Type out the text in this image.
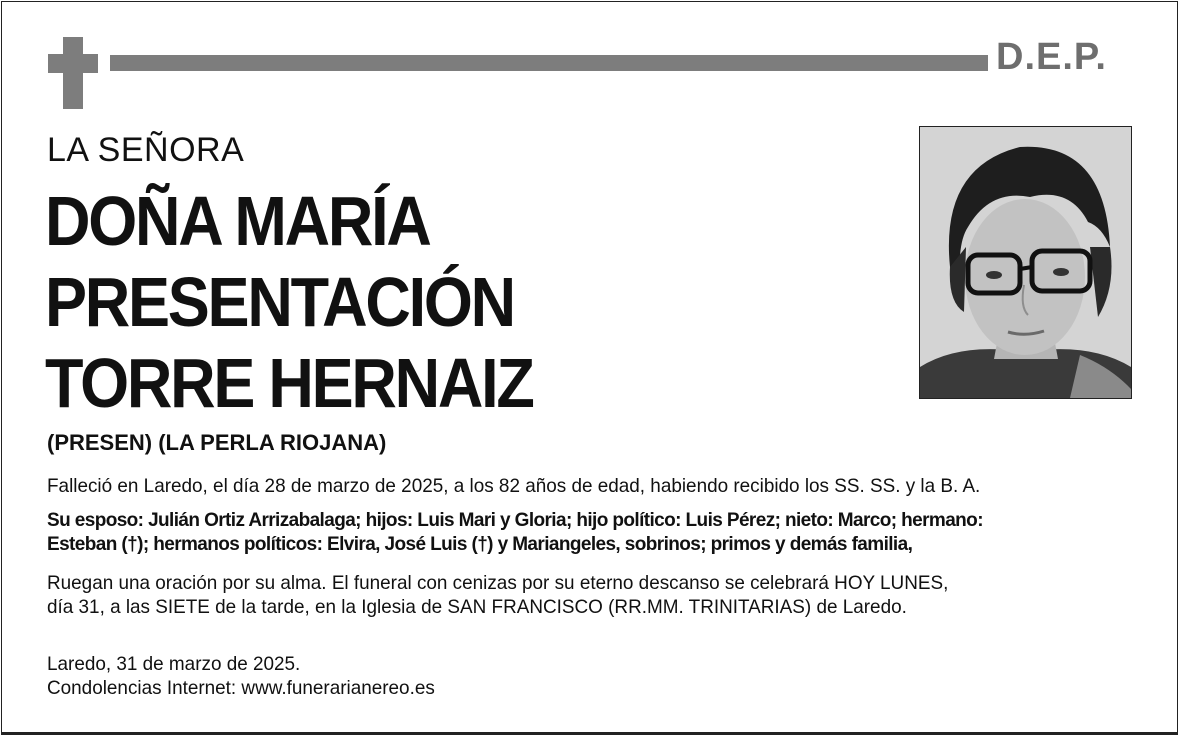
D.E.P.
LA SEÑORA
DOÑA MARÍA
PRESENTACIÓN
TORRE HERNAIZ
(PRESEN) (LA PERLA RIOJANA)
Falleció en Laredo, el día 28 de marzo de 2025, a los 82 años de edad, habiendo recibido los SS. SS. y la B. A.
Su esposo: Julián Ortiz Arrizabalaga; hijos: Luis Mari y Gloria; hijo político: Luis Pérez; nieto: Marco; hermano:
Esteban (†); hermanos políticos: Elvira, José Luis (†) y Mariangeles, sobrinos; primos y demás familia,
Ruegan una oración por su alma. El funeral con cenizas por su eterno descanso se celebrará HOY LUNES,
día 31, a las SIETE de la tarde, en la Iglesia de SAN FRANCISCO (RR.MM. TRINITARIAS) de Laredo.
Laredo, 31 de marzo de 2025.
Condolencias Internet: www.funerarianereo.es
